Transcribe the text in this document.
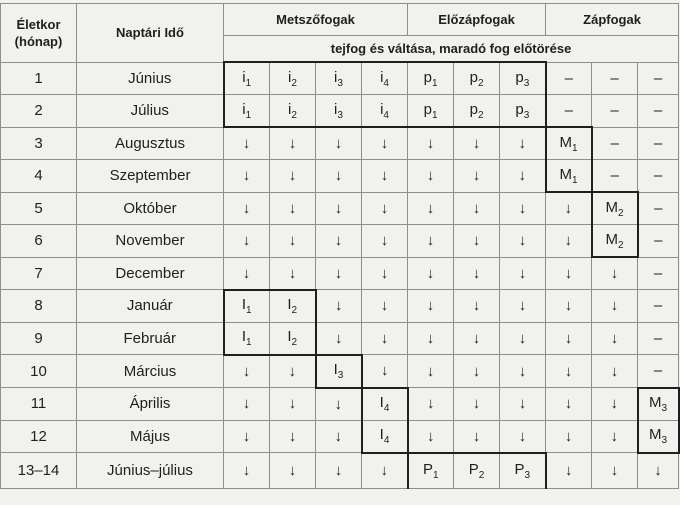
Életkor
(hónap)	Naptári Idő	Metszőfogak				Előzápfogak			Zápfogak		
		tejfog és váltása, maradó fog előtörése									
1	Június	$i_1$	$i_2$	$i_3$	$i_4$	$p_1$	$p_2$	$p_3$	–	–	–
2	Július	$i_1$	$i_2$	$i_3$	$i_4$	$p_1$	$p_2$	$p_3$	–	–	–
3	Augusztus	↓	↓	↓	↓	↓	↓	↓	$M_1$	–	–
4	Szeptember	↓	↓	↓	↓	↓	↓	↓	$M_1$	–	–
5	Október	↓	↓	↓	↓	↓	↓	↓	↓	$M_2$	–
6	November	↓	↓	↓	↓	↓	↓	↓	↓	$M_2$	–
7	December	↓	↓	↓	↓	↓	↓	↓	↓	↓	–
8	Január	$I_1$	$I_2$	↓	↓	↓	↓	↓	↓	↓	–
9	Február	$I_1$	$I_2$	↓	↓	↓	↓	↓	↓	↓	–
10	Március	↓	↓	$I_3$	↓	↓	↓	↓	↓	↓	–
11	Április	↓	↓	↓	$I_4$	↓	↓	↓	↓	↓	$M_3$
12	Május	↓	↓	↓	$I_4$	↓	↓	↓	↓	↓	$M_3$
13–14	Június–július	↓	↓	↓	↓	$P_1$	$P_2$	$P_3$	↓	↓	↓
